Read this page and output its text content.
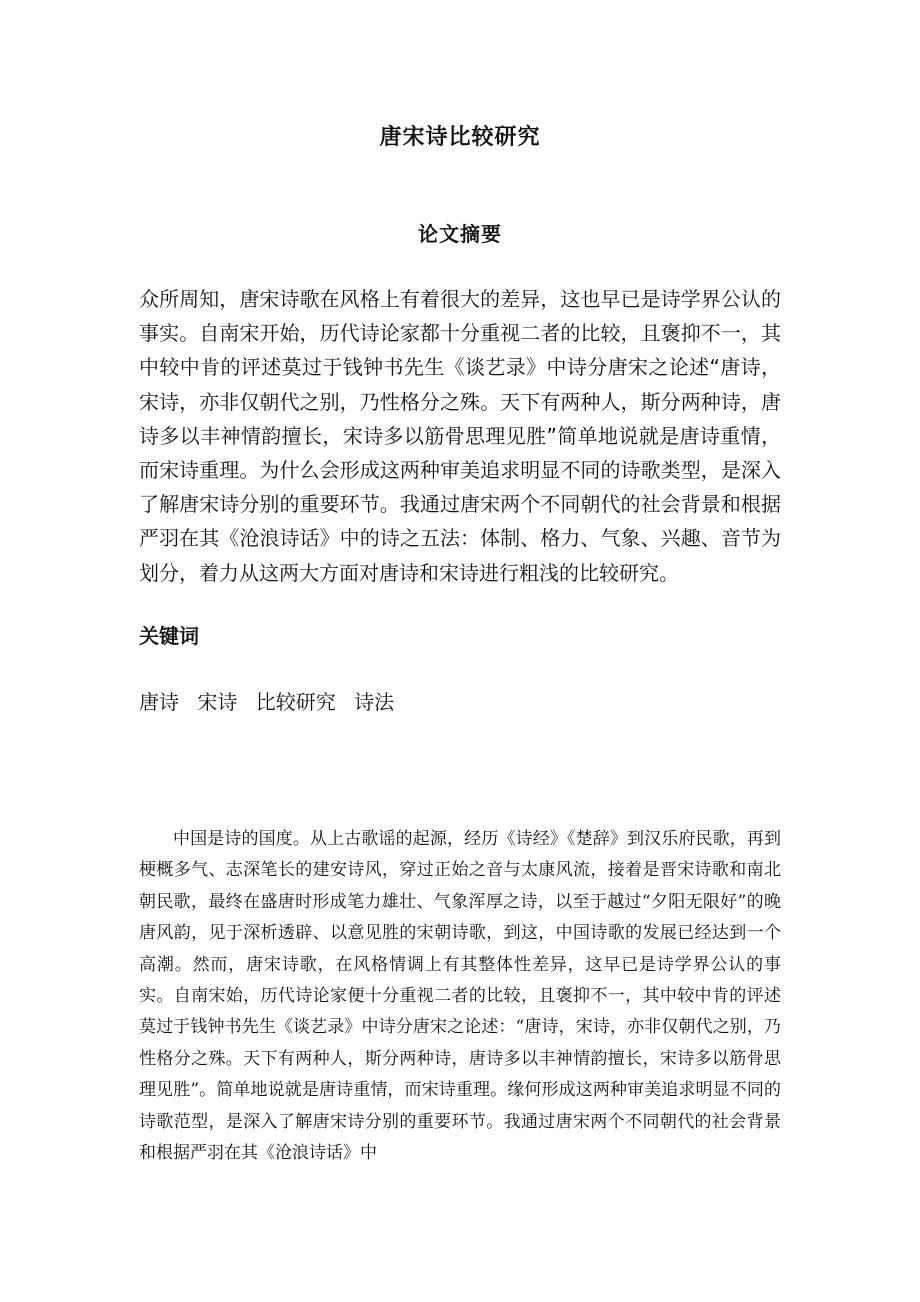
唐宋诗比较研究
论文摘要

众所周知，唐宋诗歌在风格上有着很大的差异，这也早已是诗学界公认的事实。自南宋开始，历代诗论家都十分重视二者的比较，且褒抑不一，其中较中肯的评述莫过于钱钟书先生《谈艺录》中诗分唐宋之论述“唐诗，宋诗，亦非仅朝代之别，乃性格分之殊。天下有两种人，斯分两种诗，唐诗多以丰神情韵擅长，宋诗多以筋骨思理见胜”简单地说就是唐诗重情，而宋诗重理。为什么会形成这两种审美追求明显不同的诗歌类型，是深入了解唐宋诗分别的重要环节。我通过唐宋两个不同朝代的社会背景和根据严羽在其《沧浪诗话》中的诗之五法：体制、格力、气象、兴趣、音节为划分，着力从这两大方面对唐诗和宋诗进行粗浅的比较研究。

关键词
唐诗 宋诗 比较研究 诗法

中国是诗的国度。从上古歌谣的起源，经历《诗经》《楚辞》到汉乐府民歌，再到梗概多气、志深笔长的建安诗风，穿过正始之音与太康风流，接着是晋宋诗歌和南北朝民歌，最终在盛唐时形成笔力雄壮、气象浑厚之诗，以至于越过“夕阳无限好”的晚唐风韵，见于深析透辟、以意见胜的宋朝诗歌，到这，中国诗歌的发展已经达到一个高潮。然而，唐宋诗歌，在风格情调上有其整体性差异，这早已是诗学界公认的事实。自南宋始，历代诗论家便十分重视二者的比较，且褒抑不一，其中较中肯的评述莫过于钱钟书先生《谈艺录》中诗分唐宋之论述：“唐诗，宋诗，亦非仅朝代之别，乃性格分之殊。天下有两种人，斯分两种诗，唐诗多以丰神情韵擅长，宋诗多以筋骨思理见胜”。简单地说就是唐诗重情，而宋诗重理。缘何形成这两种审美追求明显不同的诗歌范型，是深入了解唐宋诗分别的重要环节。我通过唐宋两个不同朝代的社会背景和根据严羽在其《沧浪诗话》中
